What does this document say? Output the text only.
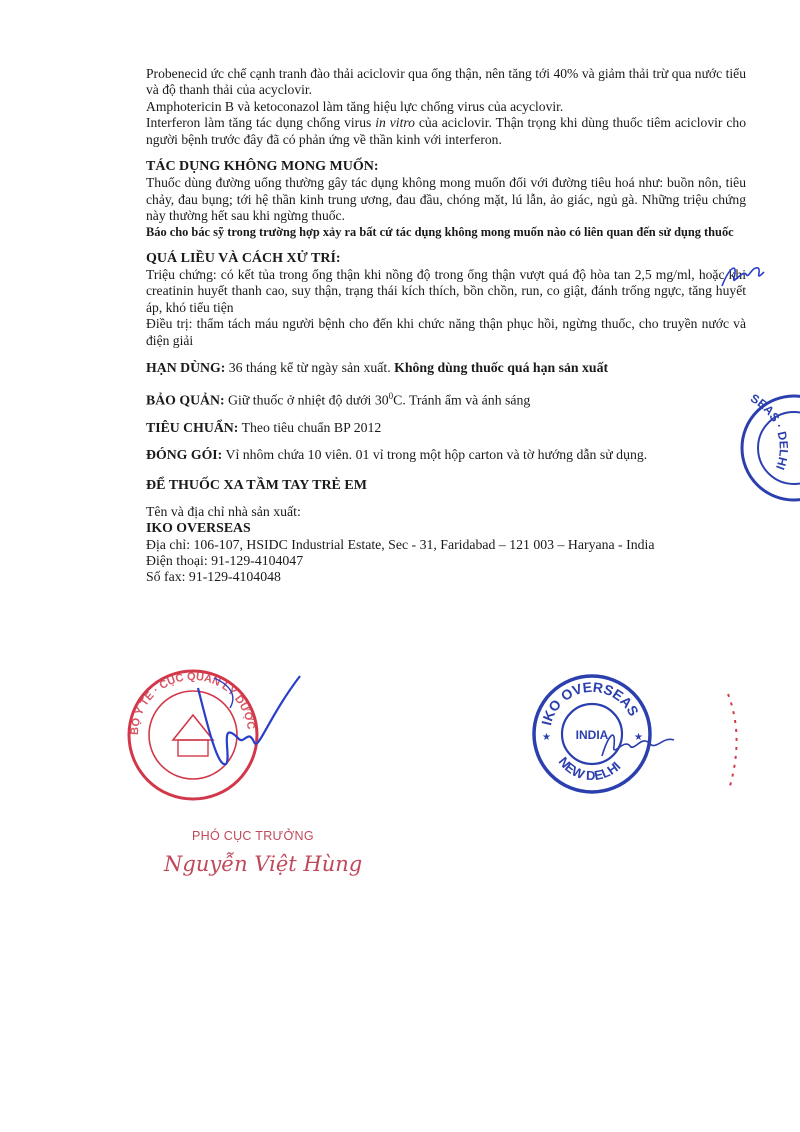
Probenecid ức chế cạnh tranh đào thải aciclovir qua ống thận, nên tăng tới 40% và giảm thải trừ qua nước tiểu và độ thanh thải của acyclovir.

Amphotericin B và ketoconazol làm tăng hiệu lực chống virus của acyclovir.

Interferon làm tăng tác dụng chống virus in vitro của aciclovir. Thận trọng khi dùng thuốc tiêm aciclovir cho người bệnh trước đây đã có phản ứng về thần kinh với interferon.

TÁC DỤNG KHÔNG MONG MUỐN:

Thuốc dùng đường uống thường gây tác dụng không mong muốn đối với đường tiêu hoá như: buồn nôn, tiêu chảy, đau bụng; tới hệ thần kinh trung ương, đau đầu, chóng mặt, lú lẫn, ảo giác, ngủ gà. Những triệu chứng này thường hết sau khi ngừng thuốc.

Báo cho bác sỹ trong trường hợp xảy ra bất cứ tác dụng không mong muốn nào có liên quan đến sử dụng thuốc

QUÁ LIỀU VÀ CÁCH XỬ TRÍ:

Triệu chứng: có kết tủa trong ống thận khi nồng độ trong ống thận vượt quá độ hòa tan 2,5 mg/ml, hoặc khi creatinin huyết thanh cao, suy thận, trạng thái kích thích, bồn chồn, run, co giật, đánh trống ngực, tăng huyết áp, khó tiểu tiện

Điều trị: thẩm tách máu người bệnh cho đến khi chức năng thận phục hồi, ngừng thuốc, cho truyền nước và điện giải

HẠN DÙNG: 36 tháng kể từ ngày sản xuất. Không dùng thuốc quá hạn sản xuất

BẢO QUẢN: Giữ thuốc ở nhiệt độ dưới $30^0C$. Tránh ẩm và ánh sáng

TIÊU CHUẨN: Theo tiêu chuẩn BP 2012

ĐÓNG GÓI: Vỉ nhôm chứa 10 viên. 01 vỉ trong một hộp carton và tờ hướng dẫn sử dụng.

ĐỂ THUỐC XA TẦM TAY TRẺ EM

Tên và địa chỉ nhà sản xuất:

IKO OVERSEAS

Địa chỉ: 106-107, HSIDC Industrial Estate, Sec - 31, Faridabad – 121 003 – Haryana - India

Điện thoại: 91-129-4104047

Số fax: 91-129-4104048

SEAS · DELHI
BỘ Y TẾ · CỤC QUẢN LÝ DƯỢC	IKO OVERSEAS
NEW DELHI
INDIA
★	★
PHÓ CỤC TRƯỞNG
Nguyễn Việt Hùng
